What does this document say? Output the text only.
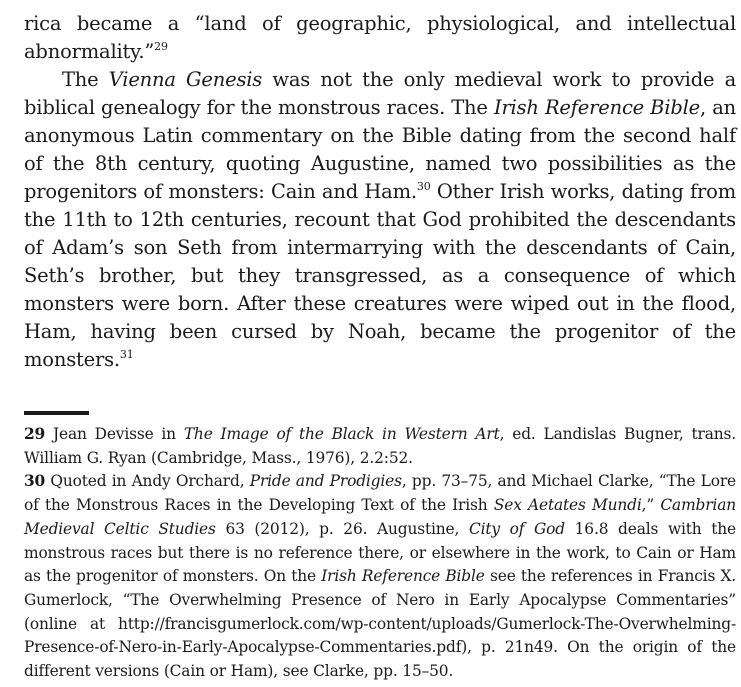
rica became a “land of geographic, physiological, and intellectual abnormality.”$^{29}$

The Vienna Genesis was not the only medieval work to provide a biblical genealogy for the monstrous races. The Irish Reference Bible, an anonymous Latin commentary on the Bible dating from the second half of the 8th century, quoting Augustine, named two possibilities as the progenitors of monsters: Cain and Ham.$^{30}$ Other Irish works, dating from the 11th to 12th centuries, recount that God prohibited the descendants of Adam’s son Seth from intermarrying with the descendants of Cain, Seth’s brother, but they transgressed, as a consequence of which monsters were born. After these creatures were wiped out in the flood, Ham, having been cursed by Noah, became the progenitor of the monsters.$^{31}$

29 Jean Devisse in The Image of the Black in Western Art, ed. Landislas Bugner, trans. William G. Ryan (Cambridge, Mass., 1976), 2.2:52.

30 Quoted in Andy Orchard, Pride and Prodigies, pp. 73–75, and Michael Clarke, “The Lore of the Monstrous Races in the Developing Text of the Irish Sex Aetates Mundi,” Cambrian Medieval Celtic Studies 63 (2012), p. 26. Augustine, City of God 16.8 deals with the monstrous races but there is no reference there, or elsewhere in the work, to Cain or Ham as the progenitor of monsters. On the Irish Reference Bible see the references in Francis X. Gumerlock, “The Overwhelming Presence of Nero in Early Apocalypse Commentaries” (online at http://francisgumerlock.com/wp-content/uploads/Gumerlock-The-Overwhelming-Presence-of-Nero-in-Early-Apocalypse-Commentaries.pdf), p. 21n49. On the origin of the different versions (Cain or Ham), see Clarke, pp. 15–50.
